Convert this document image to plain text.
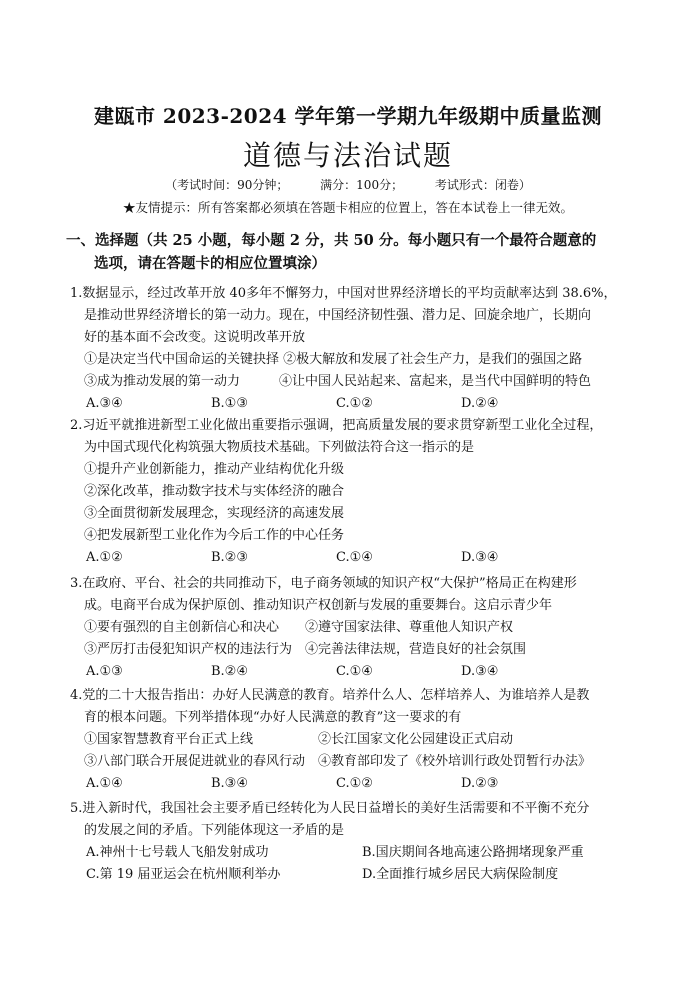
建瓯市 2023-2024 学年第一学期九年级期中质量监测
道德与法治试题
（考试时间：90分钟；	满分：100分；	考试形式：闭卷）
★友情提示：所有答案都必须填在答题卡相应的位置上，答在本试卷上一律无效。
一、选择题（共 25 小题，每小题 2 分，共 50 分。每小题只有一个最符合题意的
选项，请在答题卡的相应位置填涂）
1.数据显示，经过改革开放 40多年不懈努力，中国对世界经济增长的平均贡献率达到 38.6%，
是推动世界经济增长的第一动力。现在，中国经济韧性强、潜力足、回旋余地广，长期向
好的基本面不会改变。这说明改革开放
①是决定当代中国命运的关键抉择 ②极大解放和发展了社会生产力，是我们的强国之路
③成为推动发展的第一动力　　　④让中国人民站起来、富起来，是当代中国鲜明的特色
A.③④	B.①③	C.①②	D.②④
2.习近平就推进新型工业化做出重要指示强调，把高质量发展的要求贯穿新型工业化全过程，
为中国式现代化构筑强大物质技术基础。下列做法符合这一指示的是
①提升产业创新能力，推动产业结构优化升级
②深化改革，推动数字技术与实体经济的融合
③全面贯彻新发展理念，实现经济的高速发展
④把发展新型工业化作为今后工作的中心任务
A.①②	B.②③	C.①④	D.③④
3.在政府、平台、社会的共同推动下，电子商务领域的知识产权“大保护”格局正在构建形
成。电商平台成为保护原创、推动知识产权创新与发展的重要舞台。这启示青少年
①要有强烈的自主创新信心和决心　　②遵守国家法律、尊重他人知识产权
③严厉打击侵犯知识产权的违法行为　④完善法律法规，营造良好的社会氛围
A.①③	B.②④	C.①④	D.③④
4.党的二十大报告指出：办好人民满意的教育。培养什么人、怎样培养人、为谁培养人是教
育的根本问题。下列举措体现“办好人民满意的教育”这一要求的有
①国家智慧教育平台正式上线　　　　　②长江国家文化公园建设正式启动
③八部门联合开展促进就业的春风行动　④教育部印发了《校外培训行政处罚暂行办法》
A.①④	B.③④	C.①②	D.②③
5.进入新时代，我国社会主要矛盾已经转化为人民日益增长的美好生活需要和不平衡不充分
的发展之间的矛盾。下列能体现这一矛盾的是
A.神州十七号载人飞船发射成功	B.国庆期间各地高速公路拥堵现象严重
C.第 19 届亚运会在杭州顺利举办	D.全面推行城乡居民大病保险制度
